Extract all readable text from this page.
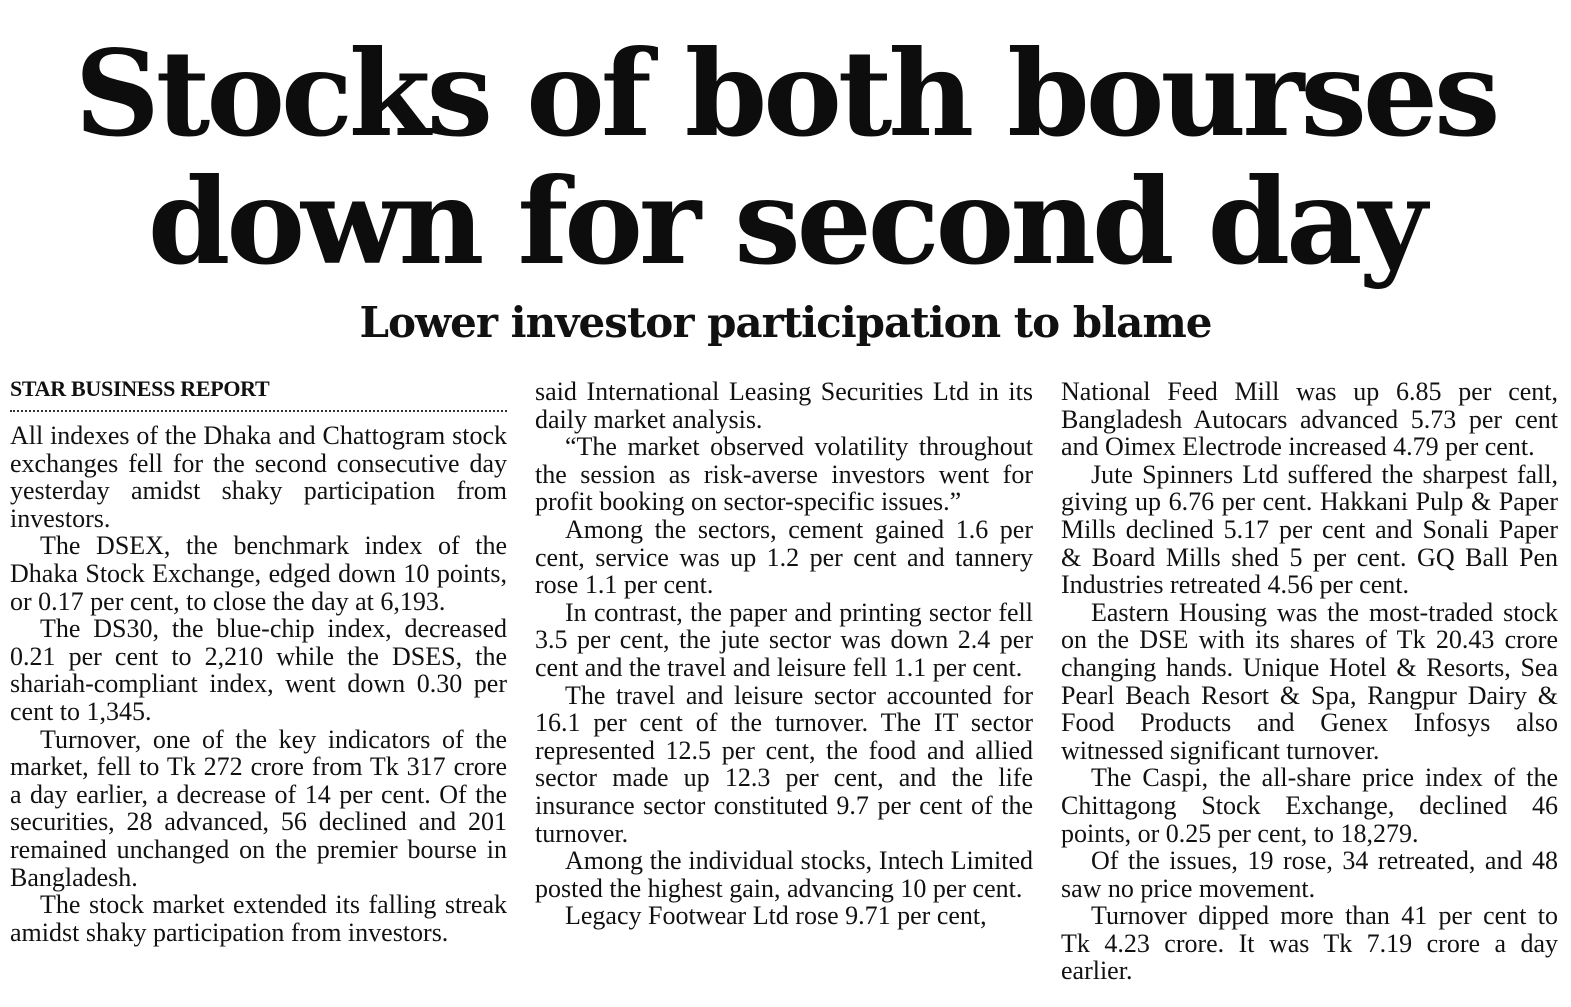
Stocks of both bourses
down for second day
Lower investor participation to blame
STAR BUSINESS REPORT

All indexes of the Dhaka and Chattogram stock exchanges fell for the second consecutive day yesterday amidst shaky participation from investors.

The DSEX, the benchmark index of the Dhaka Stock Exchange, edged down 10 points, or 0.17 per cent, to close the day at 6,193.

The DS30, the blue-chip index, decreased 0.21 per cent to 2,210 while the DSES, the shariah-compliant index, went down 0.30 per cent to 1,345.

Turnover, one of the key indicators of the market, fell to Tk 272 crore from Tk 317 crore a day earlier, a decrease of 14 per cent. Of the securities, 28 advanced, 56 declined and 201 remained unchanged on the premier bourse in Bangladesh.

The stock market extended its falling streak amidst shaky participation from investors.

said International Leasing Securities Ltd in its daily market analysis.

“The market observed volatility throughout the session as risk-averse investors went for profit booking on sector-specific issues.”

Among the sectors, cement gained 1.6 per cent, service was up 1.2 per cent and tannery rose 1.1 per cent.

In contrast, the paper and printing sector fell 3.5 per cent, the jute sector was down 2.4 per cent and the travel and leisure fell 1.1 per cent.

The travel and leisure sector accounted for 16.1 per cent of the turnover. The IT sector represented 12.5 per cent, the food and allied sector made up 12.3 per cent, and the life insurance sector constituted 9.7 per cent of the turnover.

Among the individual stocks, Intech Limited posted the highest gain, advancing 10 per cent.

Legacy Footwear Ltd rose 9.71 per cent,

National Feed Mill was up 6.85 per cent, Bangladesh Autocars advanced 5.73 per cent and Oimex Electrode increased 4.79 per cent.

Jute Spinners Ltd suffered the sharpest fall, giving up 6.76 per cent. Hakkani Pulp & Paper Mills declined 5.17 per cent and Sonali Paper & Board Mills shed 5 per cent. GQ Ball Pen Industries retreated 4.56 per cent.

Eastern Housing was the most-traded stock on the DSE with its shares of Tk 20.43 crore changing hands. Unique Hotel & Resorts, Sea Pearl Beach Resort & Spa, Rangpur Dairy & Food Products and Genex Infosys also witnessed significant turnover.

The Caspi, the all-share price index of the Chittagong Stock Exchange, declined 46 points, or 0.25 per cent, to 18,279.

Of the issues, 19 rose, 34 retreated, and 48 saw no price movement.

Turnover dipped more than 41 per cent to Tk 4.23 crore. It was Tk 7.19 crore a day earlier.
